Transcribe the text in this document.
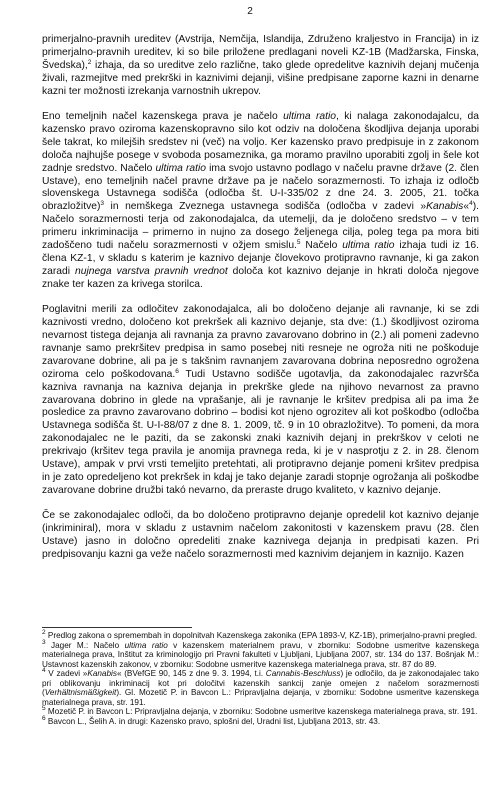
2

primerjalno-pravnih ureditev (Avstrija, Nemčija, Islandija, Združeno kraljestvo in Francija) in iz primerjalno-pravnih ureditev, ki so bile priložene predlagani noveli KZ-1B (Madžarska, Finska, Švedska),$^2$ izhaja, da so ureditve zelo različne, tako glede opredelitve kaznivih dejanj mučenja živali, razmejitve med prekrški in kaznivimi dejanji, višine predpisane zaporne kazni in denarne kazni ter možnosti izrekanja varnostnih ukrepov.

Eno temeljnih načel kazenskega prava je načelo ultima ratio, ki nalaga zakonodajalcu, da kazensko pravo oziroma kazenskopravno silo kot odziv na določena škodljiva dejanja uporabi šele takrat, ko milejših sredstev ni (več) na voljo. Ker kazensko pravo predpisuje in z zakonom določa najhujše posege v svoboda posameznika, ga moramo pravilno uporabiti zgolj in šele kot zadnje sredstvo. Načelo ultima ratio ima svojo ustavno podlago v načelu pravne države (2. člen Ustave), eno temeljnih načel pravne države pa je načelo sorazmernosti. To izhaja iz odločb slovenskega Ustavnega sodišča (odločba št. U-I-335/02 z dne 24. 3. 2005, 21. točka obrazložitve)$^3$ in nemškega Zveznega ustavnega sodišča (odločba v zadevi »Kanabis«$^4$). Načelo sorazmernosti terja od zakonodajalca, da utemelji, da je določeno sredstvo – v tem primeru inkriminacija – primerno in nujno za dosego željenega cilja, poleg tega pa mora biti zadoščeno tudi načelu sorazmernosti v ožjem smislu.$^5$ Načelo ultima ratio izhaja tudi iz 16. člena KZ-1, v skladu s katerim je kaznivo dejanje človekovo protipravno ravnanje, ki ga zakon zaradi nujnega varstva pravnih vrednot določa kot kaznivo dejanje in hkrati določa njegove znake ter kazen za krivega storilca.

Poglavitni merili za odločitev zakonodajalca, ali bo določeno dejanje ali ravnanje, ki se zdi kaznivosti vredno, določeno kot prekršek ali kaznivo dejanje, sta dve: (1.) škodljivost oziroma nevarnost tistega dejanja ali ravnanja za pravno zavarovano dobrino in (2.) ali pomeni zadevno ravnanje samo prekršitev predpisa in samo posebej niti resneje ne ogroža niti ne poškoduje zavarovane dobrine, ali pa je s takšnim ravnanjem zavarovana dobrina neposredno ogrožena oziroma celo poškodovana.$^6$ Tudi Ustavno sodišče ugotavlja, da zakonodajalec razvršča kazniva ravnanja na kazniva dejanja in prekrške glede na njihovo nevarnost za pravno zavarovana dobrino in glede na vprašanje, ali je ravnanje le kršitev predpisa ali pa ima že posledice za pravno zavarovano dobrino – bodisi kot njeno ogrozitev ali kot poškodbo (odločba Ustavnega sodišča št. U-I-88/07 z dne 8. 1. 2009, tč. 9 in 10 obrazložitve). To pomeni, da mora zakonodajalec ne le paziti, da se zakonski znaki kaznivih dejanj in prekrškov v celoti ne prekrivajo (kršitev tega pravila je anomija pravnega reda, ki je v nasprotju z 2. in 28. členom Ustave), ampak v prvi vrsti temeljito pretehtati, ali protipravno dejanje pomeni kršitev predpisa in je zato opredeljeno kot prekršek in kdaj je tako dejanje zaradi stopnje ogrožanja ali poškodbe zavarovane dobrine družbi takó nevarno, da preraste drugo kvaliteto, v kaznivo dejanje.

Če se zakonodajalec odloči, da bo določeno protipravno dejanje opredelil kot kaznivo dejanje (inkriminiral), mora v skladu z ustavnim načelom zakonitosti v kazenskem pravu (28. člen Ustave) jasno in določno opredeliti znake kaznivega dejanja in predpisati kazen. Pri predpisovanju kazni ga veže načelo sorazmernosti med kaznivim dejanjem in kaznijo. Kazen

$^2$ Predlog zakona o spremembah in dopolnitvah Kazenskega zakonika (EPA 1893-V, KZ-1B), primerjalno-pravni pregled.

$^3$ Jager M.: Načelo ultima ratio v kazenskem materialnem pravu, v zborniku: Sodobne usmeritve kazenskega materialnega prava, Inštitut za kriminologijo pri Pravni fakulteti v Ljubljani, Ljubljana 2007, str. 134 do 137. Bošnjak M.: Ustavnost kazenskih zakonov, v zborniku: Sodobne usmeritve kazenskega materialnega prava, str. 87 do 89.

$^4$ V zadevi »Kanabis« (BVefGE 90, 145 z dne 9. 3. 1994, t.i. Cannabis-Beschluss) je odločilo, da je zakonodajalec tako pri oblikovanju inkriminacij kot pri določitvi kazenskih sankcij zanje omejen z načelom sorazmernosti (Verhältnismäßigkeit). Gl. Mozetič P. in Bavcon L.: Pripravljalna dejanja, v zborniku: Sodobne usmeritve kazenskega materialnega prava, str. 191.

$^5$ Mozetič P. in Bavcon L: Pripravljalna dejanja, v zborniku: Sodobne usmeritve kazenskega materialnega prava, str. 191.

$^6$ Bavcon L., Šelih A. in drugi: Kazensko pravo, splošni del, Uradni list, Ljubljana 2013, str. 43.
